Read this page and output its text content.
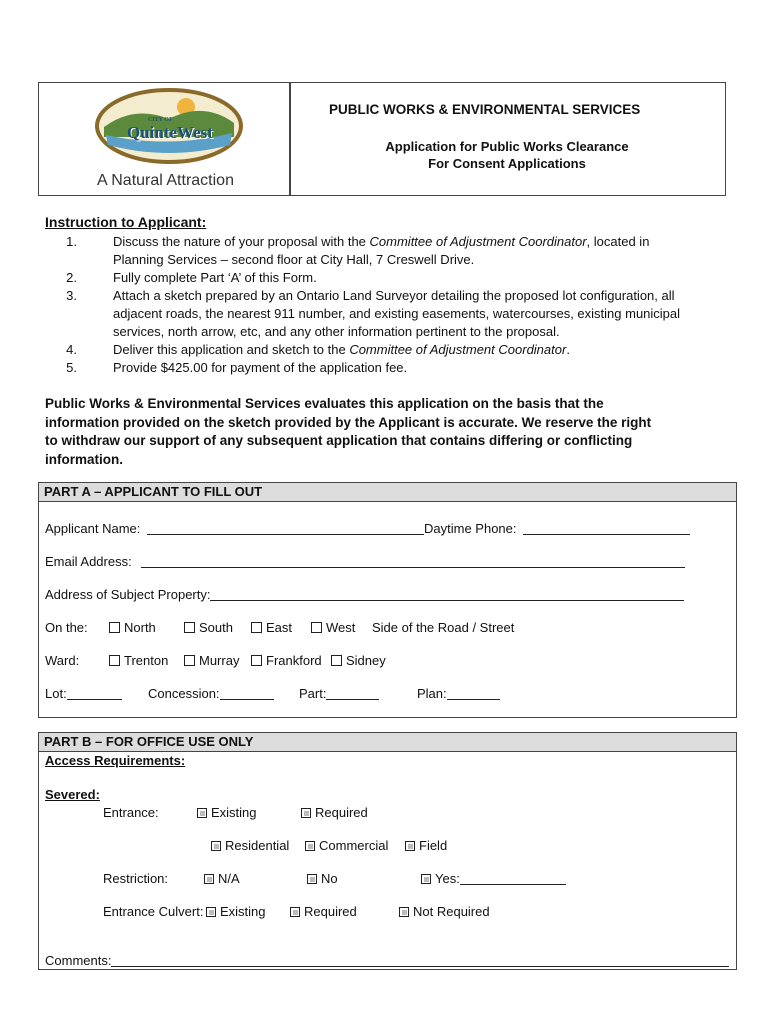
CITY OF
QuinteWest
A Natural Attraction
PUBLIC WORKS & ENVIRONMENTAL SERVICES
Application for Public Works Clearance
For Consent Applications
Instruction to Applicant:
1.	Discuss the nature of your proposal with the Committee of Adjustment Coordinator, located in
Planning Services – second floor at City Hall, 7 Creswell Drive.
2.	Fully complete Part ‘A’ of this Form.
3.	Attach a sketch prepared by an Ontario Land Surveyor detailing the proposed lot configuration, all
adjacent roads, the nearest 911 number, and existing easements, watercourses, existing municipal
services, north arrow, etc, and any other information pertinent to the proposal.
4.	Deliver this application and sketch to the Committee of Adjustment Coordinator.
5.	Provide $425.00 for payment of the application fee.
Public Works & Environmental Services evaluates this application on the basis that the
information provided on the sketch provided by the Applicant is accurate. We reserve the right
to withdraw our support of any subsequent application that contains differing or conflicting
information.
PART A – APPLICANT TO FILL OUT
Applicant Name:	Daytime Phone:
Email Address:
Address of Subject Property:
On the:	North	South	East	West Side of the Road / Street
Ward:	Trenton	Murray	Frankford	Sidney
Lot:	Concession:	Part:	Plan:
PART B – FOR OFFICE USE ONLY
Access Requirements:
Severed:
Entrance:	Existing	Required
Residential	Commercial	Field
Restriction:	N/A	No	Yes:
Entrance Culvert:	Existing	Required	Not Required
Comments:
